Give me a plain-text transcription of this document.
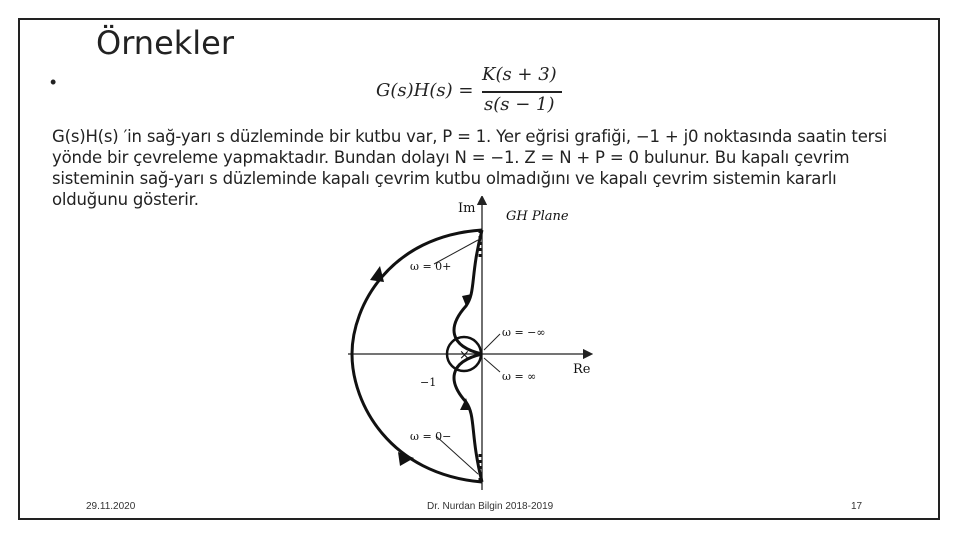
Örnekler
•	G(s)H(s) =
K(s + 3)
s(s − 1)
G(s)H(s) ′in sağ-yarı s düzleminde bir kutbu var, P = 1. Yer eğrisi grafiği, −1 + j0 noktasında saatin tersi yönde bir çevreleme yapmaktadır. Bundan dolayı N = −1. Z = N + P = 0 bulunur. Bu kapalı çevrim sisteminin sağ-yarı s düzleminde kapalı çevrim kutbu olmadığını ve kapalı çevrim sistemin kararlı olduğunu gösterir.
×
Im
GH Plane
Re
ω = 0+
ω = 0−
ω = −∞
ω = ∞
−1
29.11.2020	Dr. Nurdan Bilgin 2018-2019	17
